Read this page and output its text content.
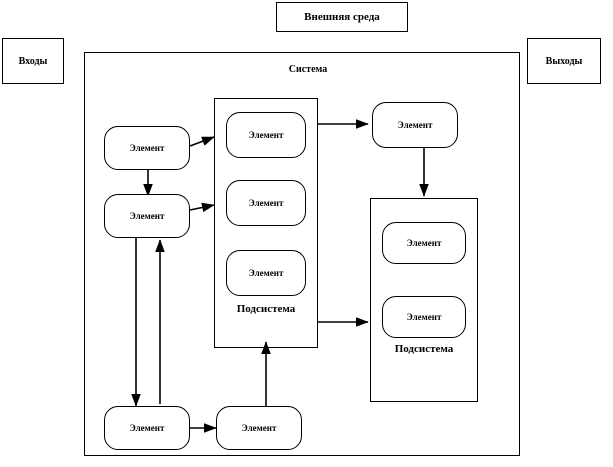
Внешняя среда
Входы	Выходы
Система
Элемент
Элемент
Элемент
Элемент
Элемент
Элемент
Элемент
Элемент
Элемент	Элемент
Подсистема
Подсистема
